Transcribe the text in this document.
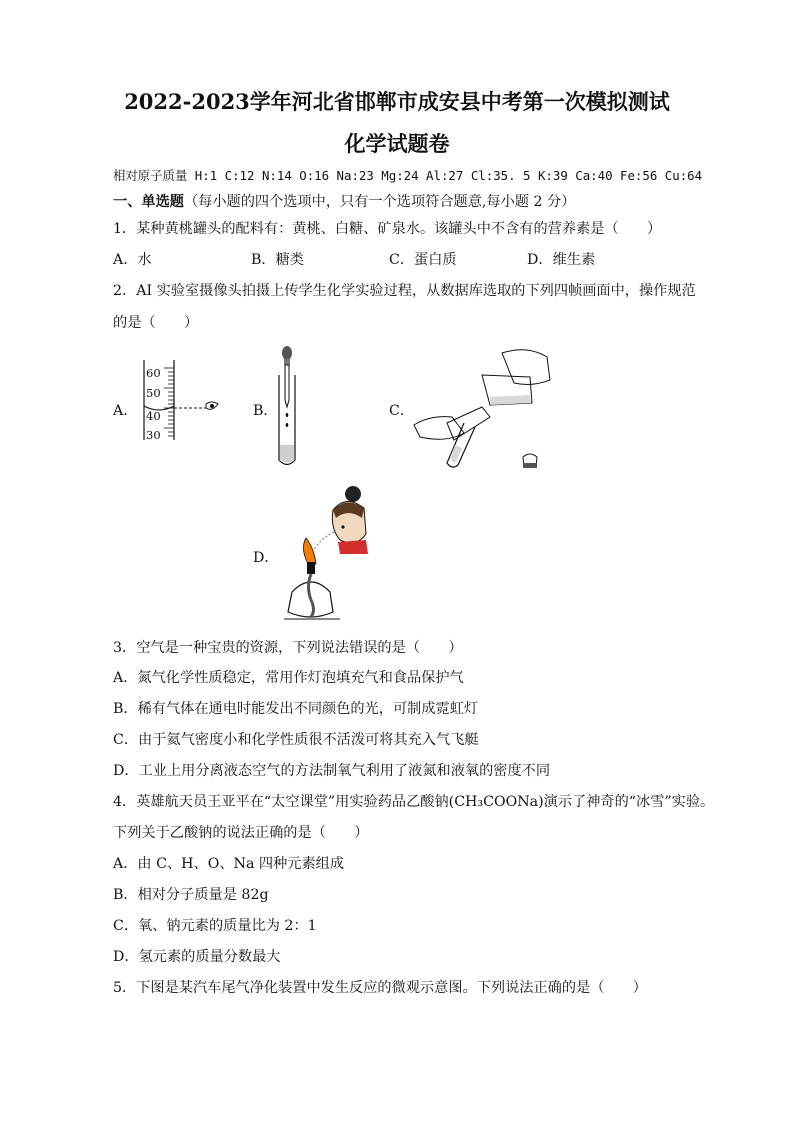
2022-2023学年河北省邯郸市成安县中考第一次模拟测试
化学试题卷
相对原子质量 H:1 C:12 N:14 O:16 Na:23 Mg:24 Al:27 Cl:35. 5 K:39 Ca:40 Fe:56 Cu:64
一、单选题（每小题的四个选项中，只有一个选项符合题意,每小题 2 分）
1．某种黄桃罐头的配料有：黄桃、白糖、矿泉水。该罐头中不含有的营养素是（　　）
A．水	B．糖类	C．蛋白质	D．维生素
2．AI 实验室摄像头拍摄上传学生化学实验过程，从数据库选取的下列四帧画面中，操作规范
的是（　　）
A．
60
50
40
30
B．	C．
D．
3．空气是一种宝贵的资源，下列说法错误的是（　　）
A．氮气化学性质稳定，常用作灯泡填充气和食品保护气
B．稀有气体在通电时能发出不同颜色的光，可制成霓虹灯
C．由于氦气密度小和化学性质很不活泼可将其充入气飞艇
D．工业上用分离液态空气的方法制氧气利用了液氮和液氧的密度不同
4．英雄航天员王亚平在“太空课堂”用实验药品乙酸钠(CH₃COONa)演示了神奇的“冰雪”实验。
下列关于乙酸钠的说法正确的是（　　）
A．由 C、H、O、Na 四种元素组成
B．相对分子质量是 82g
C．氧、钠元素的质量比为 2：1
D．氢元素的质量分数最大
5．下图是某汽车尾气净化装置中发生反应的微观示意图。下列说法正确的是（　　）
